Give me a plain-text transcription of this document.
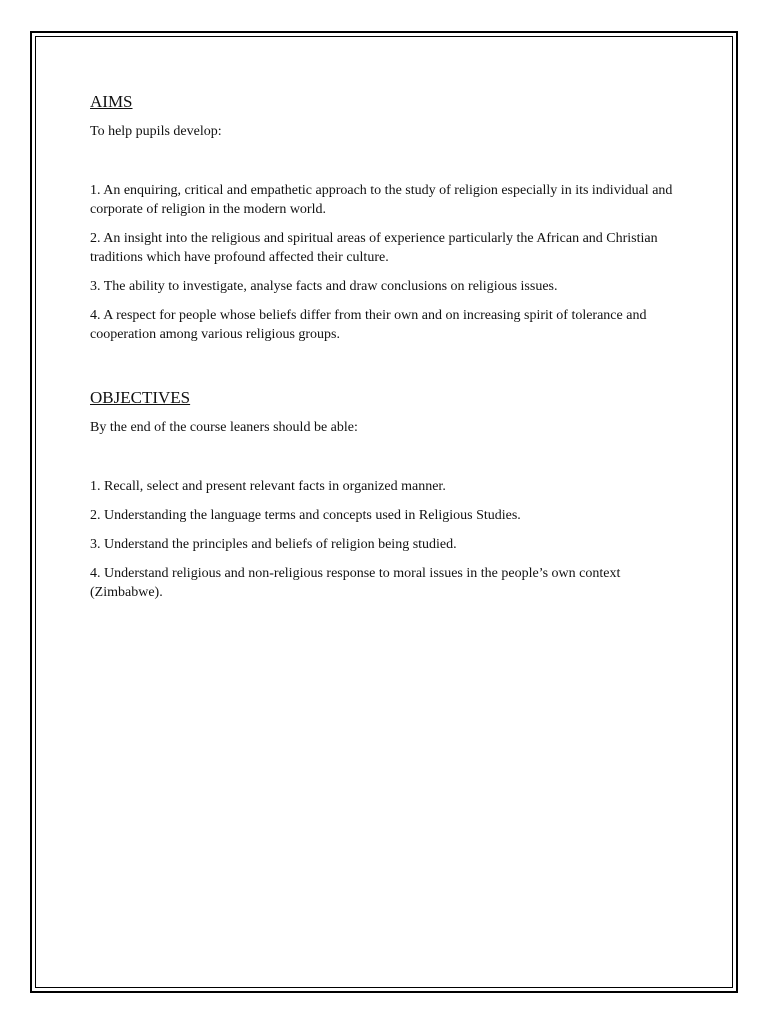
AIMS

To help pupils develop:

1. An enquiring, critical and empathetic approach to the study of religion especially in its individual and corporate of religion in the modern world.

2. An insight into the religious and spiritual areas of experience particularly the African and Christian traditions which have profound affected their culture.

3. The ability to investigate, analyse facts and draw conclusions on religious issues.

4. A respect for people whose beliefs differ from their own and on increasing spirit of tolerance and cooperation among various religious groups.

OBJECTIVES

By the end of the course leaners should be able:

1. Recall, select and present relevant facts in organized manner.

2. Understanding the language terms and concepts used in Religious Studies.

3. Understand the principles and beliefs of religion being studied.

4. Understand religious and non-religious response to moral issues in the people’s own context (Zimbabwe).
